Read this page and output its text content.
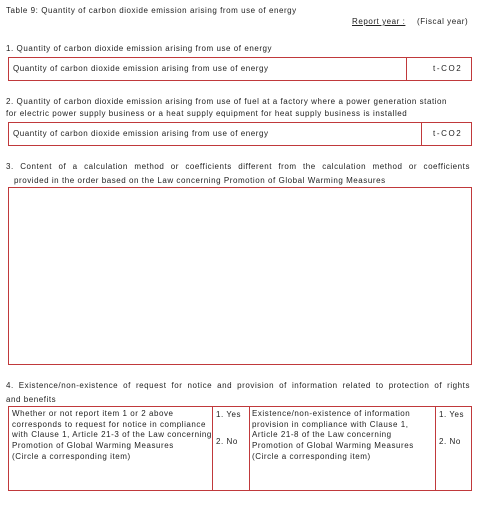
Table 9: Quantity of carbon dioxide emission arising from use of energy
Report year : (Fiscal year)
1. Quantity of carbon dioxide emission arising from use of energy
Quantity of carbon dioxide emission arising from use of energy	t-CO2
2. Quantity of carbon dioxide emission arising from use of fuel at a factory where a power generation station
for electric power supply business or a heat supply equipment for heat supply business is installed
Quantity of carbon dioxide emission arising from use of energy	t-CO2
3. Content of a calculation method or coefficients different from the calculation method or coefficients
provided in the order based on the Law concerning Promotion of Global Warming Measures
4. Existence/non-existence of request for notice and provision of information related to protection of rights
and benefits
Whether or not report item 1 or 2 above corresponds to request for notice in compliance with Clause 1, Article 21-3 of the Law concerning Promotion of Global Warming Measures
(Circle a corresponding item)
1. Yes
2. No
Existence/non-existence of information provision in compliance with Clause 1, Article 21-8 of the Law concerning Promotion of Global Warming Measures
(Circle a corresponding item)
1. Yes
2. No
